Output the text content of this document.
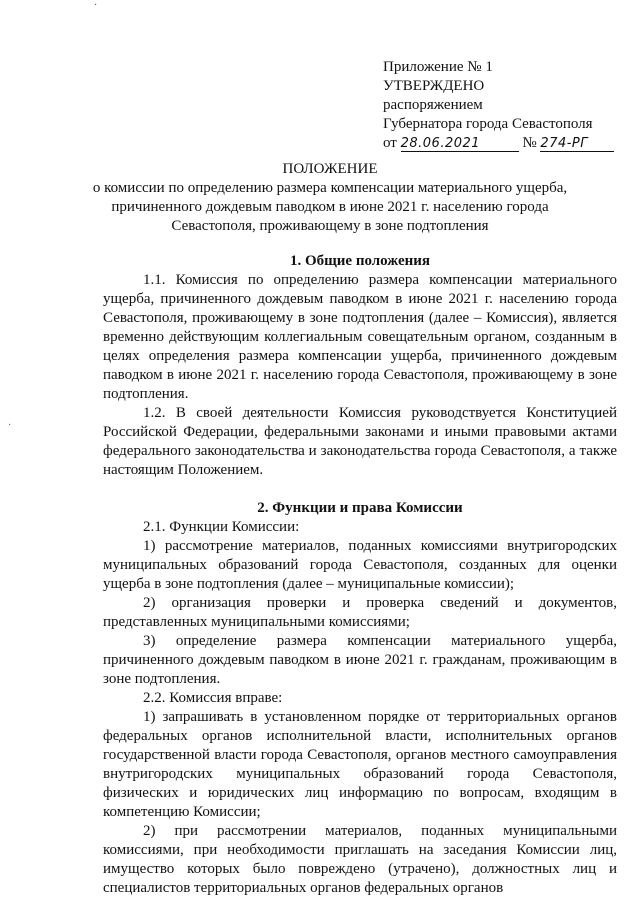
Приложение № 1
УТВЕРЖДЕНО
распоряжением
Губернатора города Севастополя
от 28.06.2021	№ 274-РГ
ПОЛОЖЕНИЕ
о комиссии по определению размера компенсации материального ущерба,
причиненного дождевым паводком в июне 2021 г. населению города
Севастополя, проживающему в зоне подтопления
1. Общие положения

1.1. Комиссия по определению размера компенсации материального ущерба, причиненного дождевым паводком в июне 2021 г. населению города Севастополя, проживающему в зоне подтопления (далее – Комиссия), является временно действующим коллегиальным совещательным органом, созданным в целях определения размера компенсации ущерба, причиненного дождевым паводком в июне 2021 г. населению города Севастополя, проживающему в зоне подтопления.

1.2. В своей деятельности Комиссия руководствуется Конституцией Российской Федерации, федеральными законами и иными правовыми актами федерального законодательства и законодательства города Севастополя, а также настоящим Положением.

2. Функции и права Комиссии

2.1. Функции Комиссии:

1) рассмотрение материалов, поданных комиссиями внутригородских муниципальных образований города Севастополя, созданных для оценки ущерба в зоне подтопления (далее – муниципальные комиссии);

2) организация проверки и проверка сведений и документов, представленных муниципальными комиссиями;

3) определение размера компенсации материального ущерба, причиненного дождевым паводком в июне 2021 г. гражданам, проживающим в зоне подтопления.

2.2. Комиссия вправе:

1) запрашивать в установленном порядке от территориальных органов федеральных органов исполнительной власти, исполнительных органов государственной власти города Севастополя, органов местного самоуправления внутригородских муниципальных образований города Севастополя, физических и юридических лиц информацию по вопросам, входящим в компетенцию Комиссии;

2) при рассмотрении материалов, поданных муниципальными комиссиями, при необходимости приглашать на заседания Комиссии лиц, имущество которых было повреждено (утрачено), должностных лиц и специалистов территориальных органов федеральных органов

·
·
